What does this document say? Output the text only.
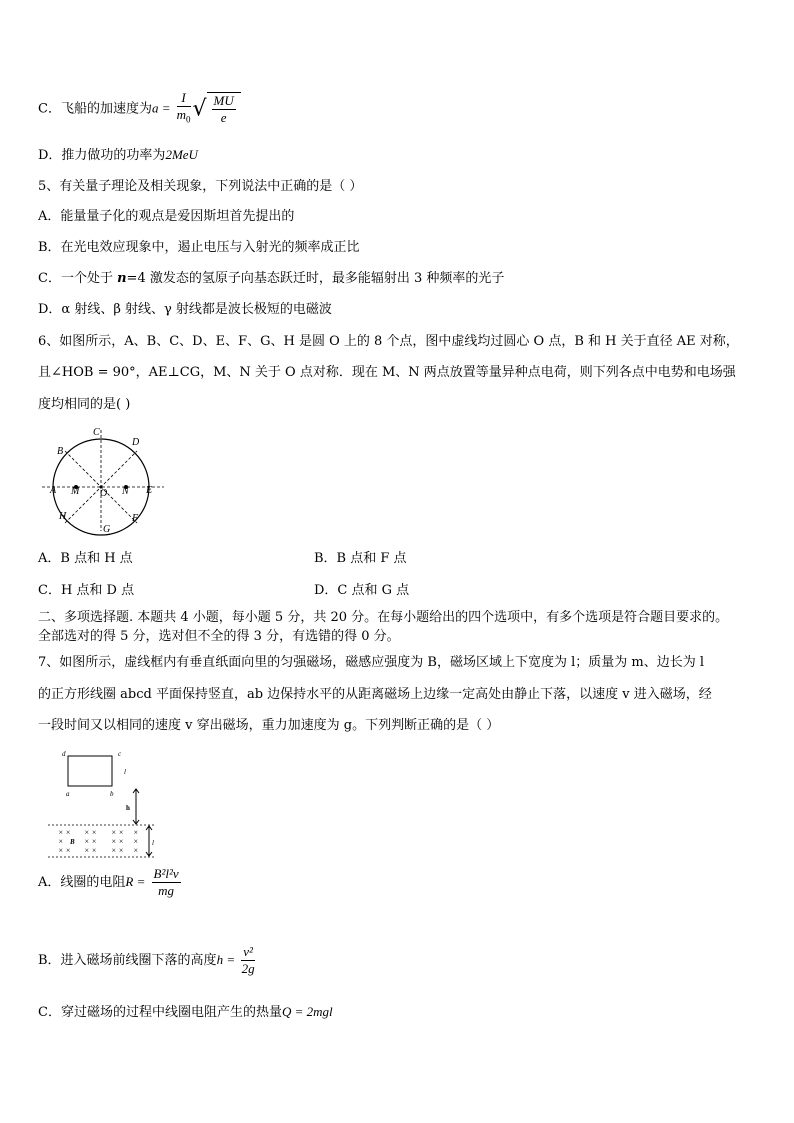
C．飞船的加速度为$a = \frac{I}{m_0}$ √ $\frac{MU}{e}$
D．推力做功的功率为2MeU
5、有关量子理论及相关现象，下列说法中正确的是（ ）
A．能量量子化的观点是爱因斯坦首先提出的
B．在光电效应现象中，遏止电压与入射光的频率成正比
C．一个处于 n=4 激发态的氢原子向基态跃迁时，最多能辐射出 3 种频率的光子
D．α 射线、β 射线、γ 射线都是波长极短的电磁波
6、如图所示，A、B、C、D、E、F、G、H 是圆 O 上的 8 个点，图中虚线均过圆心 O 点，B 和 H 关于直径 AE 对称，
且∠HOB = 90°，AE⊥CG，M、N 关于 O 点对称．现在 M、N 两点放置等量异种点电荷，则下列各点中电势和电场强
度均相同的是( )
C
D
B
A M O N E
H	F
G
A．B 点和 H 点	B．B 点和 F 点
C．H 点和 D 点	D．C 点和 G 点
二、多项选择题. 本题共 4 小题，每小题 5 分，共 20 分。在每小题给出的四个选项中，有多个选项是符合题目要求的。
全部选对的得 5 分，选对但不全的得 3 分，有选错的得 0 分。
7、如图所示，虚线框内有垂直纸面向里的匀强磁场，磁感应强度为 B，磁场区域上下宽度为 l；质量为 m、边长为 l
的正方形线圈 abcd 平面保持竖直，ab 边保持水平的从距离磁场上边缘一定高处由静止下落，以速度 v 进入磁场，经
一段时间又以相同的速度 v 穿出磁场，重力加速度为 g。下列判断正确的是（ ）
d	c
l
a	b
h
× × × × × × ×
×	× × × × ×
× × × × × × ×
B	l
A．线圈的电阻$R = \frac{\text{B²l²v}}{mg}$
B．进入磁场前线圈下落的高度$h = \frac{\text{v²}}{2g}$
C．穿过磁场的过程中线圈电阻产生的热量Q = 2mgl
